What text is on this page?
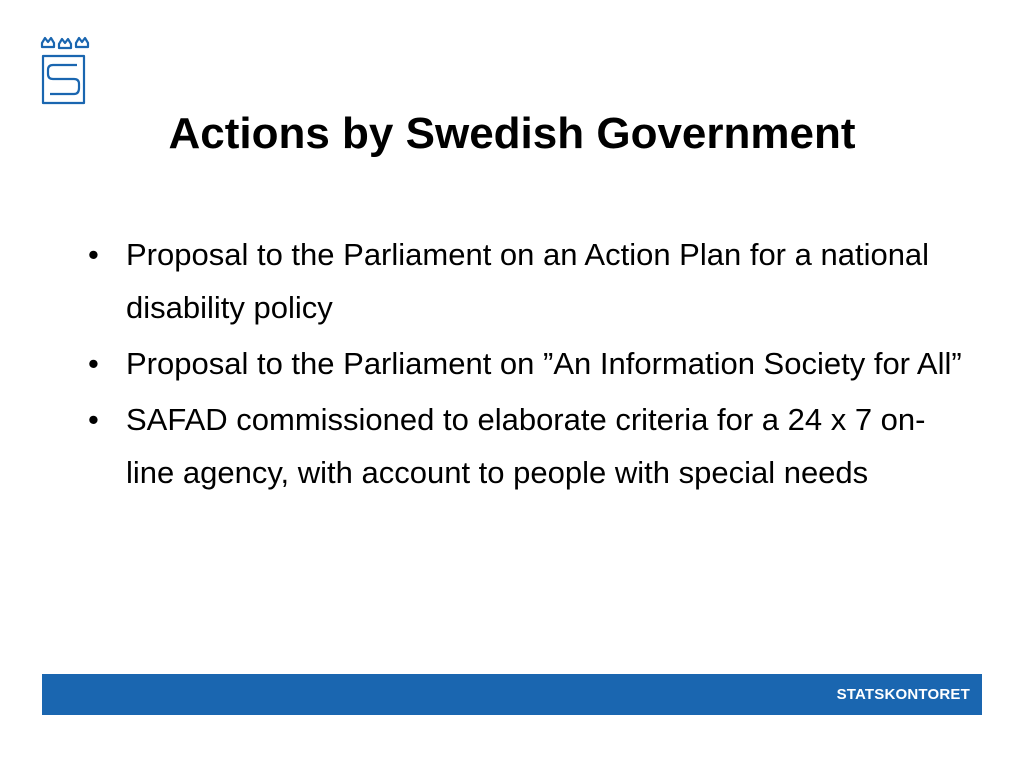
Actions by Swedish Government
• Proposal to the Parliament on an Action Plan for a national disability policy
• Proposal to the Parliament on ”An Information Society for All”
• SAFAD commissioned to elaborate criteria for a 24 x 7 on-line agency, with account to people with special needs
STATSKONTORET
